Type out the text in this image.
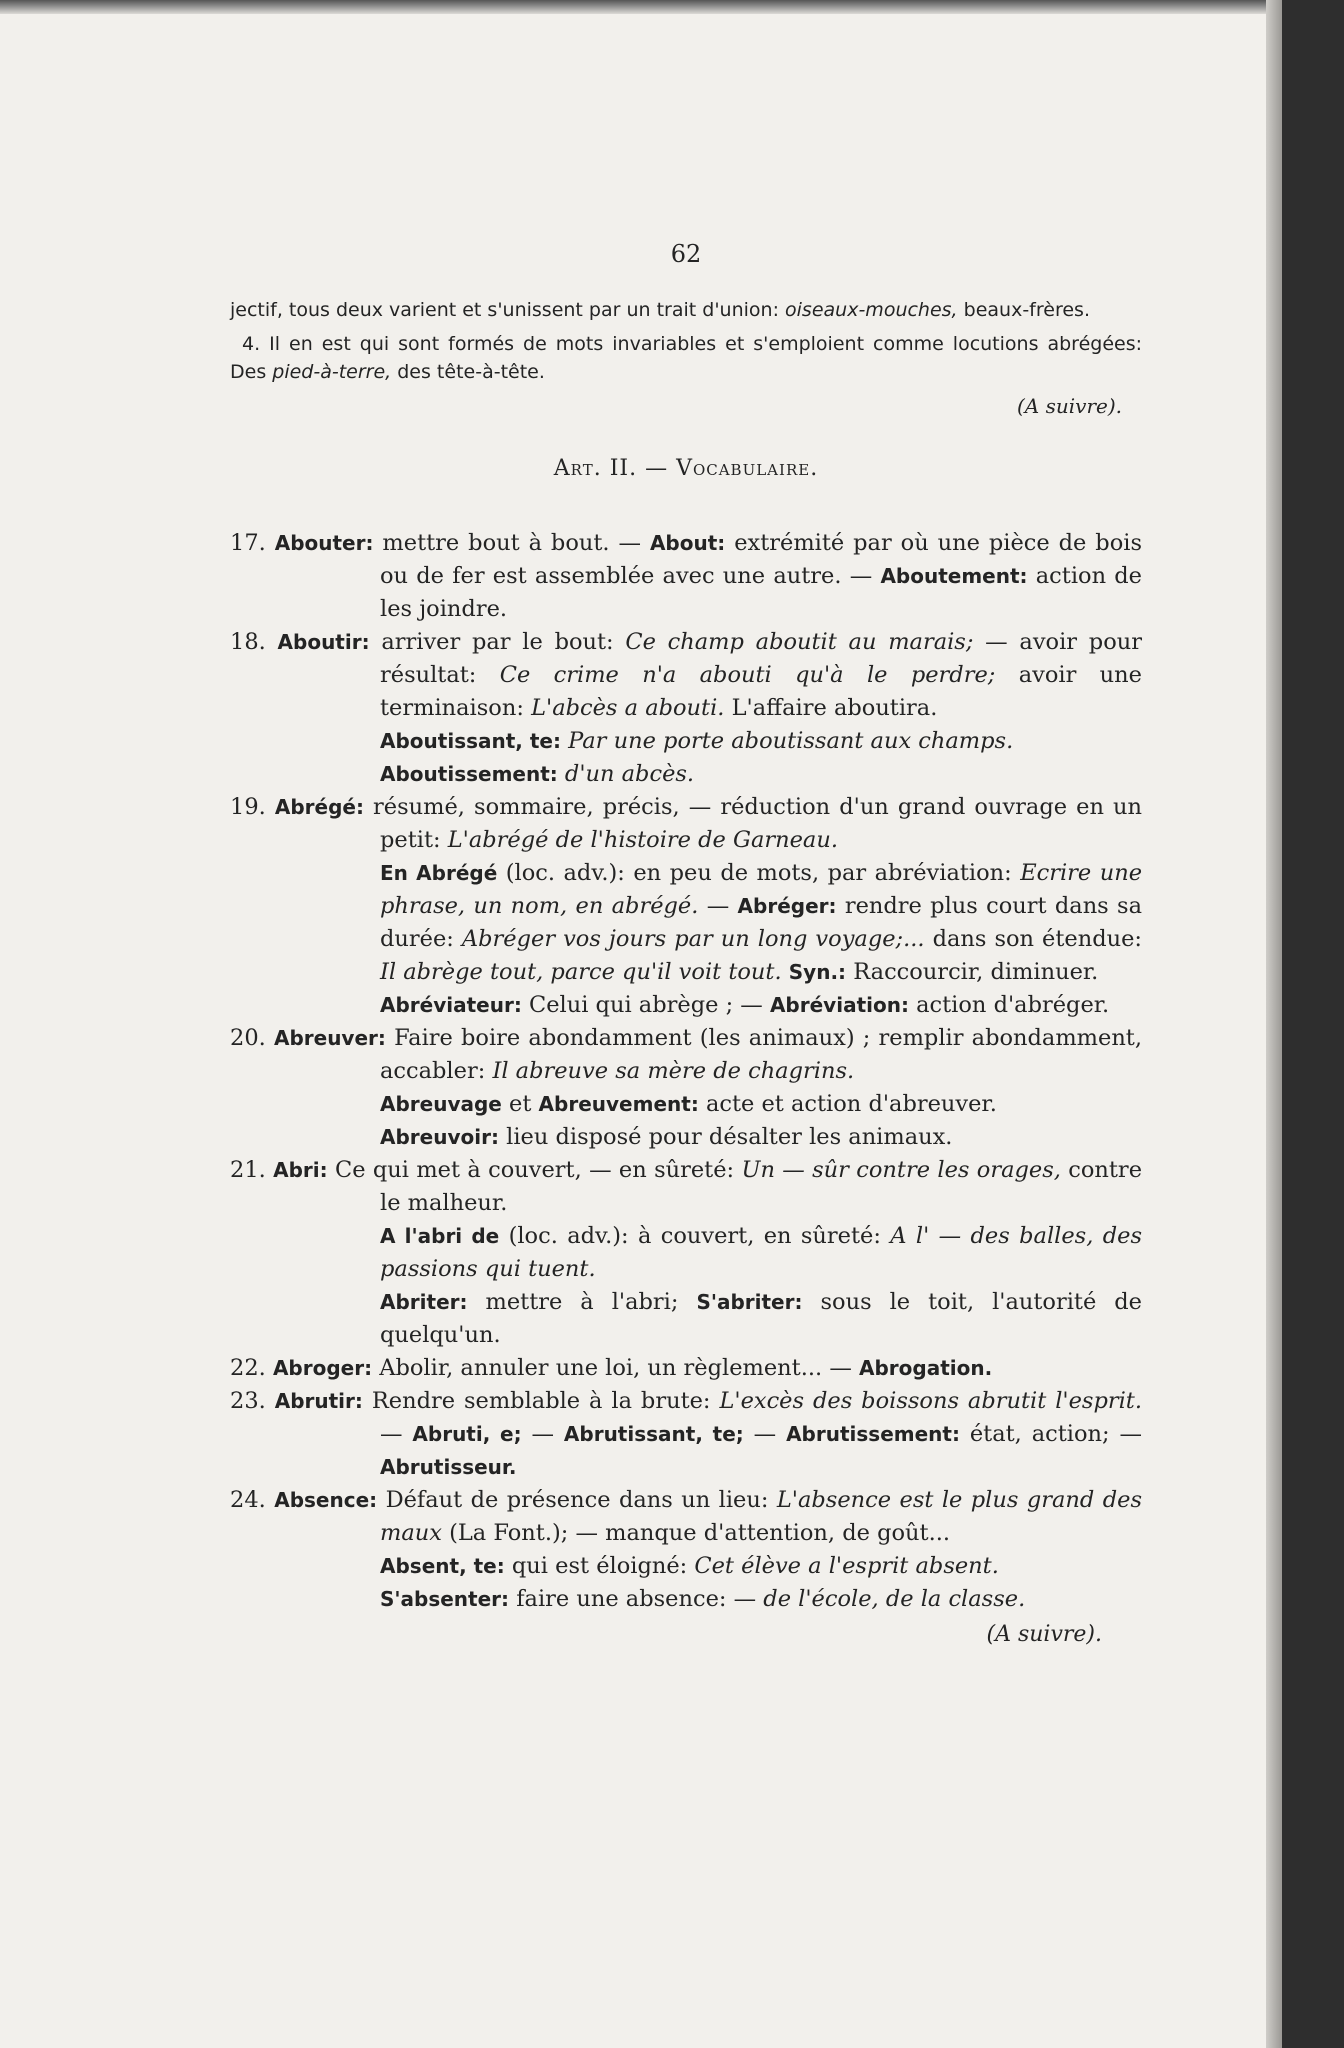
62

jectif, tous deux varient et s'unissent par un trait d'union: oiseaux-mouches, beaux-frères.

4. Il en est qui sont formés de mots invariables et s'emploient comme locutions abrégées: Des pied-à-terre, des tête-à-tête.

(A suivre).
Art. II. — Vocabulaire.
17. Abouter: mettre bout à bout. — About: extrémité par où une pièce de bois ou de fer est assemblée avec une autre. — Aboutement: action de les joindre.
18. Aboutir: arriver par le bout: Ce champ aboutit au marais; — avoir pour résultat: Ce crime n'a abouti qu'à le perdre; avoir une terminaison: L'abcès a abouti. L'affaire aboutira.
Aboutissant, te: Par une porte aboutissant aux champs.
Aboutissement: d'un abcès.
19. Abrégé: résumé, sommaire, précis, — réduction d'un grand ouvrage en un petit: L'abrégé de l'histoire de Garneau.
En Abrégé (loc. adv.): en peu de mots, par abréviation: Ecrire une phrase, un nom, en abrégé. — Abréger: rendre plus court dans sa durée: Abréger vos jours par un long voyage;... dans son étendue: Il abrège tout, parce qu'il voit tout. Syn.: Raccourcir, diminuer.
Abréviateur: Celui qui abrège ; — Abréviation: action d'abréger.
20. Abreuver: Faire boire abondamment (les animaux) ; remplir abondamment, accabler: Il abreuve sa mère de chagrins.
Abreuvage et Abreuvement: acte et action d'abreuver.
Abreuvoir: lieu disposé pour désalter les animaux.
21. Abri: Ce qui met à couvert, — en sûreté: Un — sûr contre les orages, contre le malheur.
A l'abri de (loc. adv.): à couvert, en sûreté: A l' — des balles, des passions qui tuent.
Abriter: mettre à l'abri; S'abriter: sous le toit, l'autorité de quelqu'un.
22. Abroger: Abolir, annuler une loi, un règlement... — Abrogation.
23. Abrutir: Rendre semblable à la brute: L'excès des boissons abrutit l'esprit. — Abruti, e; — Abrutissant, te; — Abrutissement: état, action; — Abrutisseur.
24. Absence: Défaut de présence dans un lieu: L'absence est le plus grand des maux (La Font.); — manque d'attention, de goût...
Absent, te: qui est éloigné: Cet élève a l'esprit absent.
S'absenter: faire une absence: — de l'école, de la classe.
(A suivre).
